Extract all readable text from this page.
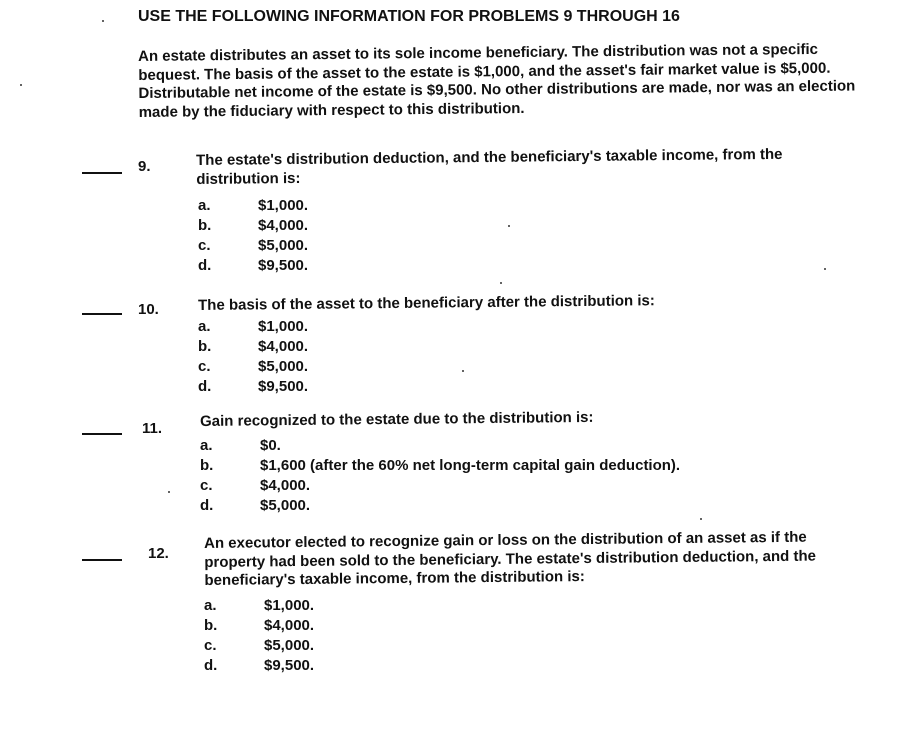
USE THE FOLLOWING INFORMATION FOR PROBLEMS 9 THROUGH 16

An estate distributes an asset to its sole income beneficiary. The distribution was not a specific bequest. The basis of the asset to the estate is $1,000, and the asset's fair market value is $5,000. Distributable net income of the estate is $9,500. No other distributions are made, nor was an election made by the fiduciary with respect to this distribution.

9.	The estate's distribution deduction, and the beneficiary's taxable income, from the distribution is:
a.	$1,000.
b.	$4,000.
c.	$5,000.
d.	$9,500.
10.	The basis of the asset to the beneficiary after the distribution is:
a.	$1,000.
b.	$4,000.
c.	$5,000.
d.	$9,500.
11.	Gain recognized to the estate due to the distribution is:
a.	$0.
b.	$1,600 (after the 60% net long-term capital gain deduction).
c.	$4,000.
d.	$5,000.
12.
An executor elected to recognize gain or loss on the distribution of an asset as if the property had been sold to the beneficiary. The estate's distribution deduction, and the beneficiary's taxable income, from the distribution is:
a.	$1,000.
b.	$4,000.
c.	$5,000.
d.	$9,500.
